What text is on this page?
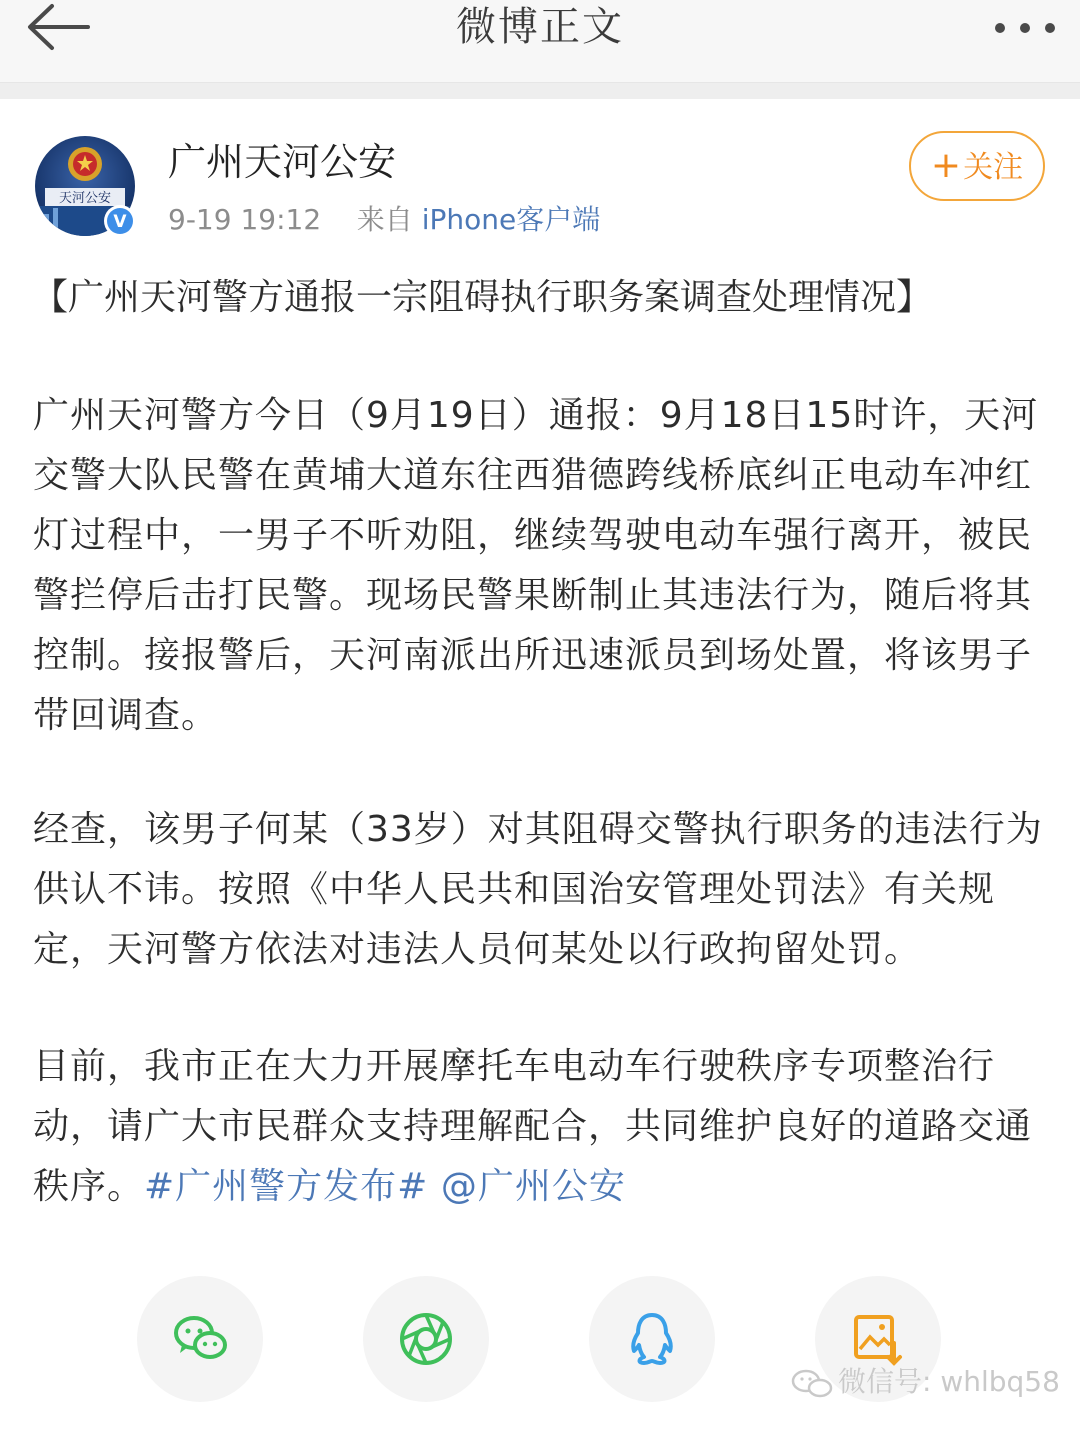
微博正文
天河公安
V
广州天河公安
9-19 19:12 来自 iPhone客户端
+关注
【广州天河警方通报一宗阻碍执行职务案调查处理情况】
广州天河警方今日（9月19日）通报：9月18日15时许，天河交警大队民警在黄埔大道东往西猎德跨线桥底纠正电动车冲红灯过程中，一男子不听劝阻，继续驾驶电动车强行离开，被民警拦停后击打民警。现场民警果断制止其违法行为，随后将其控制。接报警后，天河南派出所迅速派员到场处置，将该男子带回调查。
经查，该男子何某（33岁）对其阻碍交警执行职务的违法行为供认不讳。按照《中华人民共和国治安管理处罚法》有关规定，天河警方依法对违法人员何某处以行政拘留处罚。
目前，我市正在大力开展摩托车电动车行驶秩序专项整治行动，请广大市民群众支持理解配合，共同维护良好的道路交通秩序。#广州警方发布# @广州公安
微信号: whlbq58
